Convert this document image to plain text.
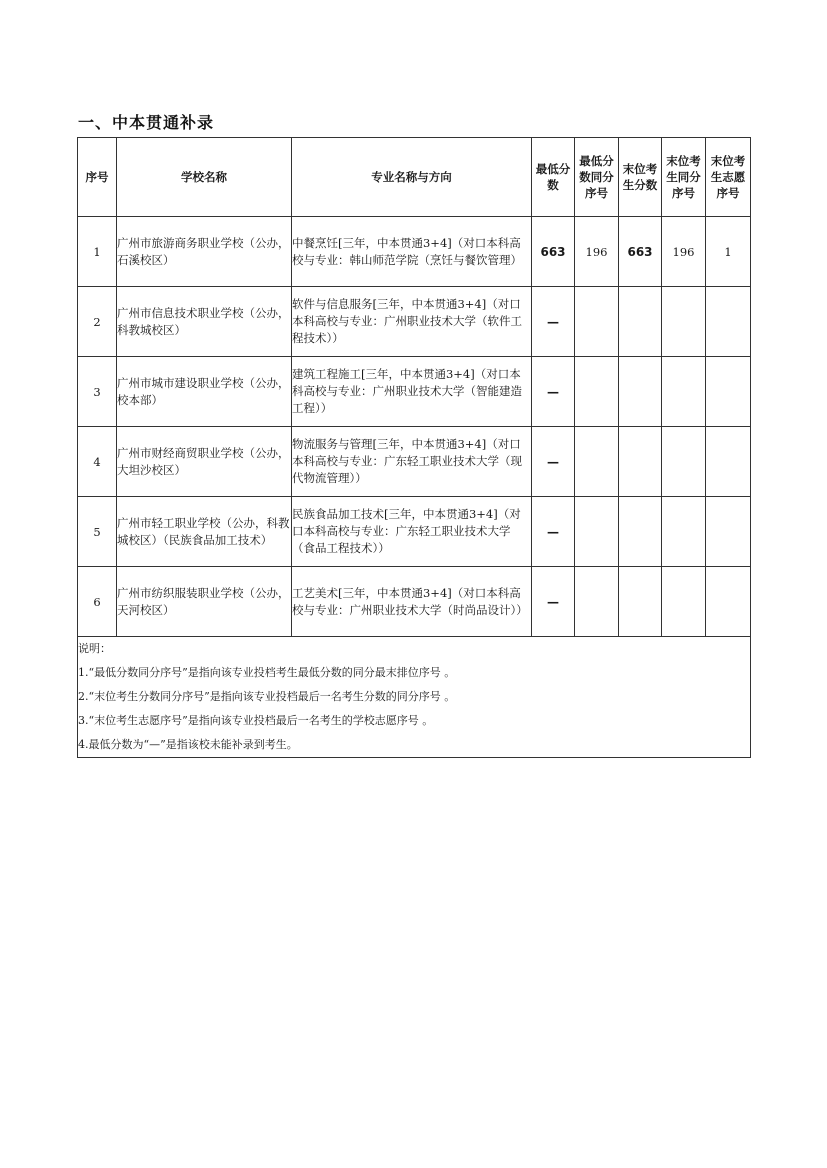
一、中本贯通补录
序号	学校名称	专业名称与方向	最低分数	最低分数同分序号	末位考生分数	末位考生同分序号	末位考生志愿序号
1	广州市旅游商务职业学校（公办，石溪校区）	中餐烹饪[三年，中本贯通3+4]（对口本科高校与专业：韩山师范学院（烹饪与餐饮管理）	663	196	663	196	1
2	广州市信息技术职业学校（公办，科教城校区）	软件与信息服务[三年，中本贯通3+4]（对口本科高校与专业：广州职业技术大学（软件工程技术））	—				
3	广州市城市建设职业学校（公办，校本部）	建筑工程施工[三年，中本贯通3+4]（对口本科高校与专业：广州职业技术大学（智能建造工程））	—				
4	广州市财经商贸职业学校（公办，大坦沙校区）	物流服务与管理[三年，中本贯通3+4]（对口本科高校与专业：广东轻工职业技术大学（现代物流管理））	—				
5	广州市轻工职业学校（公办，科教城校区）（民族食品加工技术）	民族食品加工技术[三年，中本贯通3+4]（对口本科高校与专业：广东轻工职业技术大学（食品工程技术））	—				
6	广州市纺织服装职业学校（公办，天河校区）	工艺美术[三年，中本贯通3+4]（对口本科高校与专业：广州职业技术大学（时尚品设计））	—				

说明：
1.“最低分数同分序号”是指向该专业投档考生最低分数的同分最末排位序号 。
2.“末位考生分数同分序号”是指向该专业投档最后一名考生分数的同分序号 。
3.“末位考生志愿序号”是指向该专业投档最后一名考生的学校志愿序号 。
4.最低分数为“—”是指该校未能补录到考生。							
